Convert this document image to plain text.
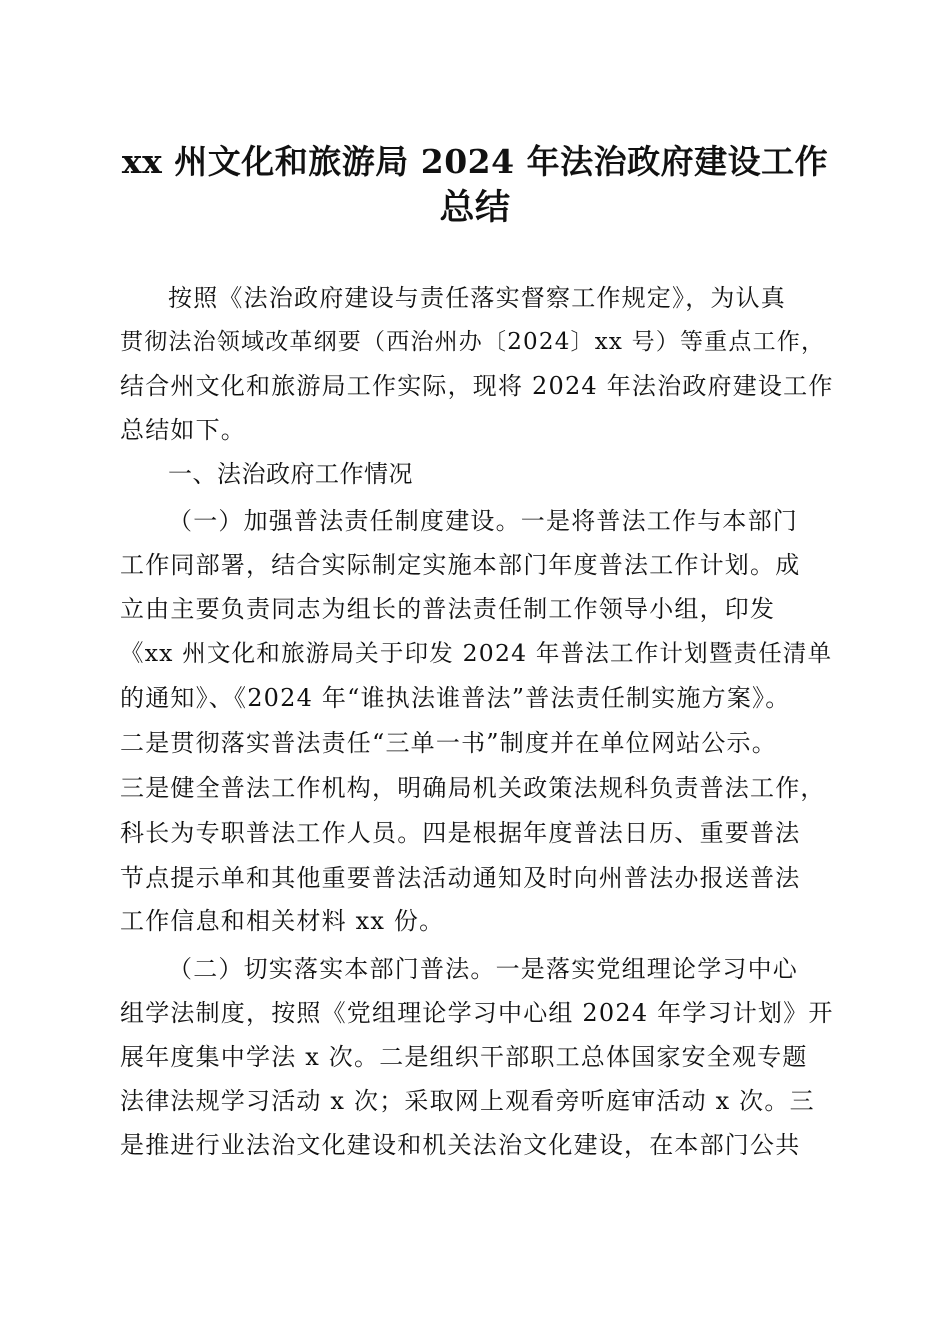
xx 州文化和旅游局 2024 年法治政府建设工作
总结
按照《法治政府建设与责任落实督察工作规定》，为认真
贯彻法治领域改革纲要（西治州办〔2024〕xx 号）等重点工作，
结合州文化和旅游局工作实际，现将 2024 年法治政府建设工作
总结如下。
一、法治政府工作情况
（一）加强普法责任制度建设。一是将普法工作与本部门
工作同部署，结合实际制定实施本部门年度普法工作计划。成
立由主要负责同志为组长的普法责任制工作领导小组，印发
《xx 州文化和旅游局关于印发 2024 年普法工作计划暨责任清单
的通知》、《2024 年“谁执法谁普法”普法责任制实施方案》。
二是贯彻落实普法责任“三单一书”制度并在单位网站公示。
三是健全普法工作机构，明确局机关政策法规科负责普法工作，
科长为专职普法工作人员。四是根据年度普法日历、重要普法
节点提示单和其他重要普法活动通知及时向州普法办报送普法
工作信息和相关材料 xx 份。
（二）切实落实本部门普法。一是落实党组理论学习中心
组学法制度，按照《党组理论学习中心组 2024 年学习计划》开
展年度集中学法 x 次。二是组织干部职工总体国家安全观专题
法律法规学习活动 x 次；采取网上观看旁听庭审活动 x 次。三
是推进行业法治文化建设和机关法治文化建设，在本部门公共
